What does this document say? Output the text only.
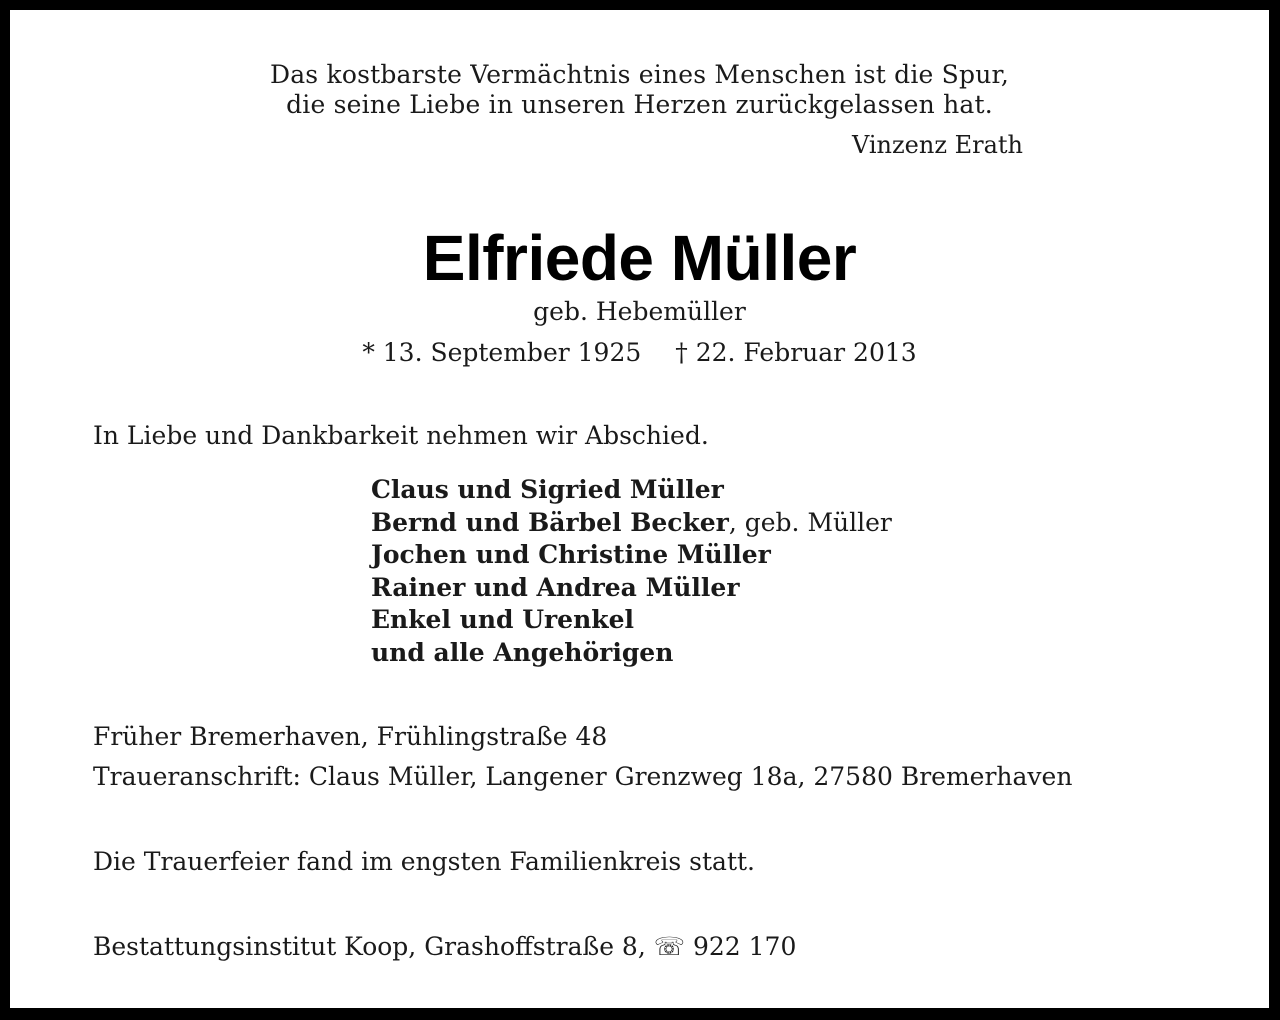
Das kostbarste Vermächtnis eines Menschen ist die Spur,
die seine Liebe in unseren Herzen zurückgelassen hat.
Vinzenz Erath
Elfriede Müller
geb. Hebemüller
* 13. September 1925 † 22. Februar 2013
In Liebe und Dankbarkeit nehmen wir Abschied.
Claus und Sigried Müller
Bernd und Bärbel Becker, geb. Müller
Jochen und Christine Müller
Rainer und Andrea Müller
Enkel und Urenkel
und alle Angehörigen
Früher Bremerhaven, Frühlingstraße 48
Traueranschrift: Claus Müller, Langener Grenzweg 18a, 27580 Bremerhaven
Die Trauerfeier fand im engsten Familienkreis statt.
Bestattungsinstitut Koop, Grashoffstraße 8, ☏ 922 170
